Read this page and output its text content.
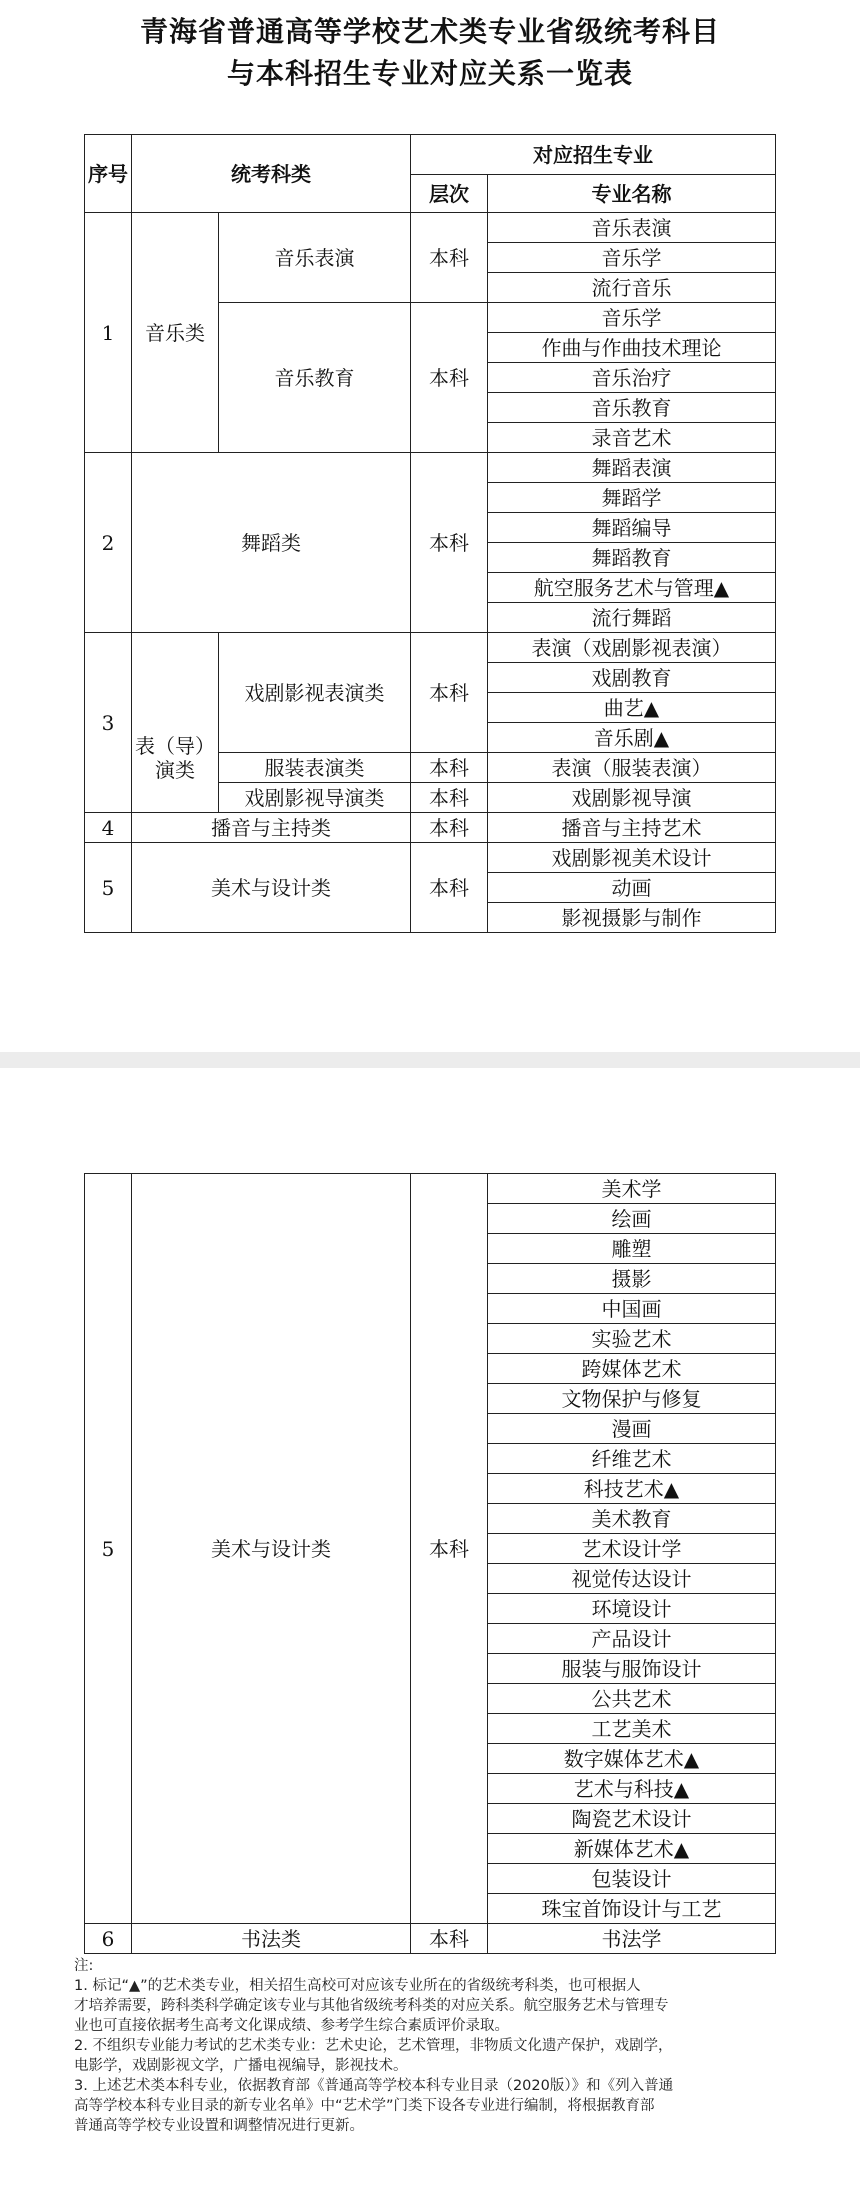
青海省普通高等学校艺术类专业省级统考科目
与本科招生专业对应关系一览表
序号	统考科类		对应招生专业	
			层次	专业名称
1	音乐类	音乐表演	本科	音乐表演
				音乐学
				流行音乐
		音乐教育	本科	音乐学
				作曲与作曲技术理论
				音乐治疗
				音乐教育
				录音艺术
2	舞蹈类		本科	舞蹈表演
				舞蹈学
				舞蹈编导
				舞蹈教育
				航空服务艺术与管理▲
				流行舞蹈
3	表（导）演类	戏剧影视表演类	本科	表演（戏剧影视表演）
				戏剧教育
				曲艺▲
				音乐剧▲
		服装表演类	本科	表演（服装表演）
		戏剧影视导演类	本科	戏剧影视导演
4	播音与主持类		本科	播音与主持艺术
5	美术与设计类		本科	戏剧影视美术设计
				动画
				影视摄影与制作
5	美术与设计类	本科	美术学
			绘画
			雕塑
			摄影
			中国画
			实验艺术
			跨媒体艺术
			文物保护与修复
			漫画
			纤维艺术
			科技艺术▲
			美术教育
			艺术设计学
			视觉传达设计
			环境设计
			产品设计
			服装与服饰设计
			公共艺术
			工艺美术
			数字媒体艺术▲
			艺术与科技▲
			陶瓷艺术设计
			新媒体艺术▲
			包装设计
			珠宝首饰设计与工艺
6	书法类	本科	书法学

注:

1. 标记“▲”的艺术类专业，相关招生高校可对应该专业所在的省级统考科类，也可根据人

才培养需要，跨科类科学确定该专业与其他省级统考科类的对应关系。航空服务艺术与管理专

业也可直接依据考生高考文化课成绩、参考学生综合素质评价录取。

2. 不组织专业能力考试的艺术类专业：艺术史论，艺术管理，非物质文化遗产保护，戏剧学，

电影学，戏剧影视文学，广播电视编导，影视技术。

3. 上述艺术类本科专业，依据教育部《普通高等学校本科专业目录（2020版）》和《列入普通

高等学校本科专业目录的新专业名单》中“艺术学”门类下设各专业进行编制，将根据教育部

普通高等学校专业设置和调整情况进行更新。
